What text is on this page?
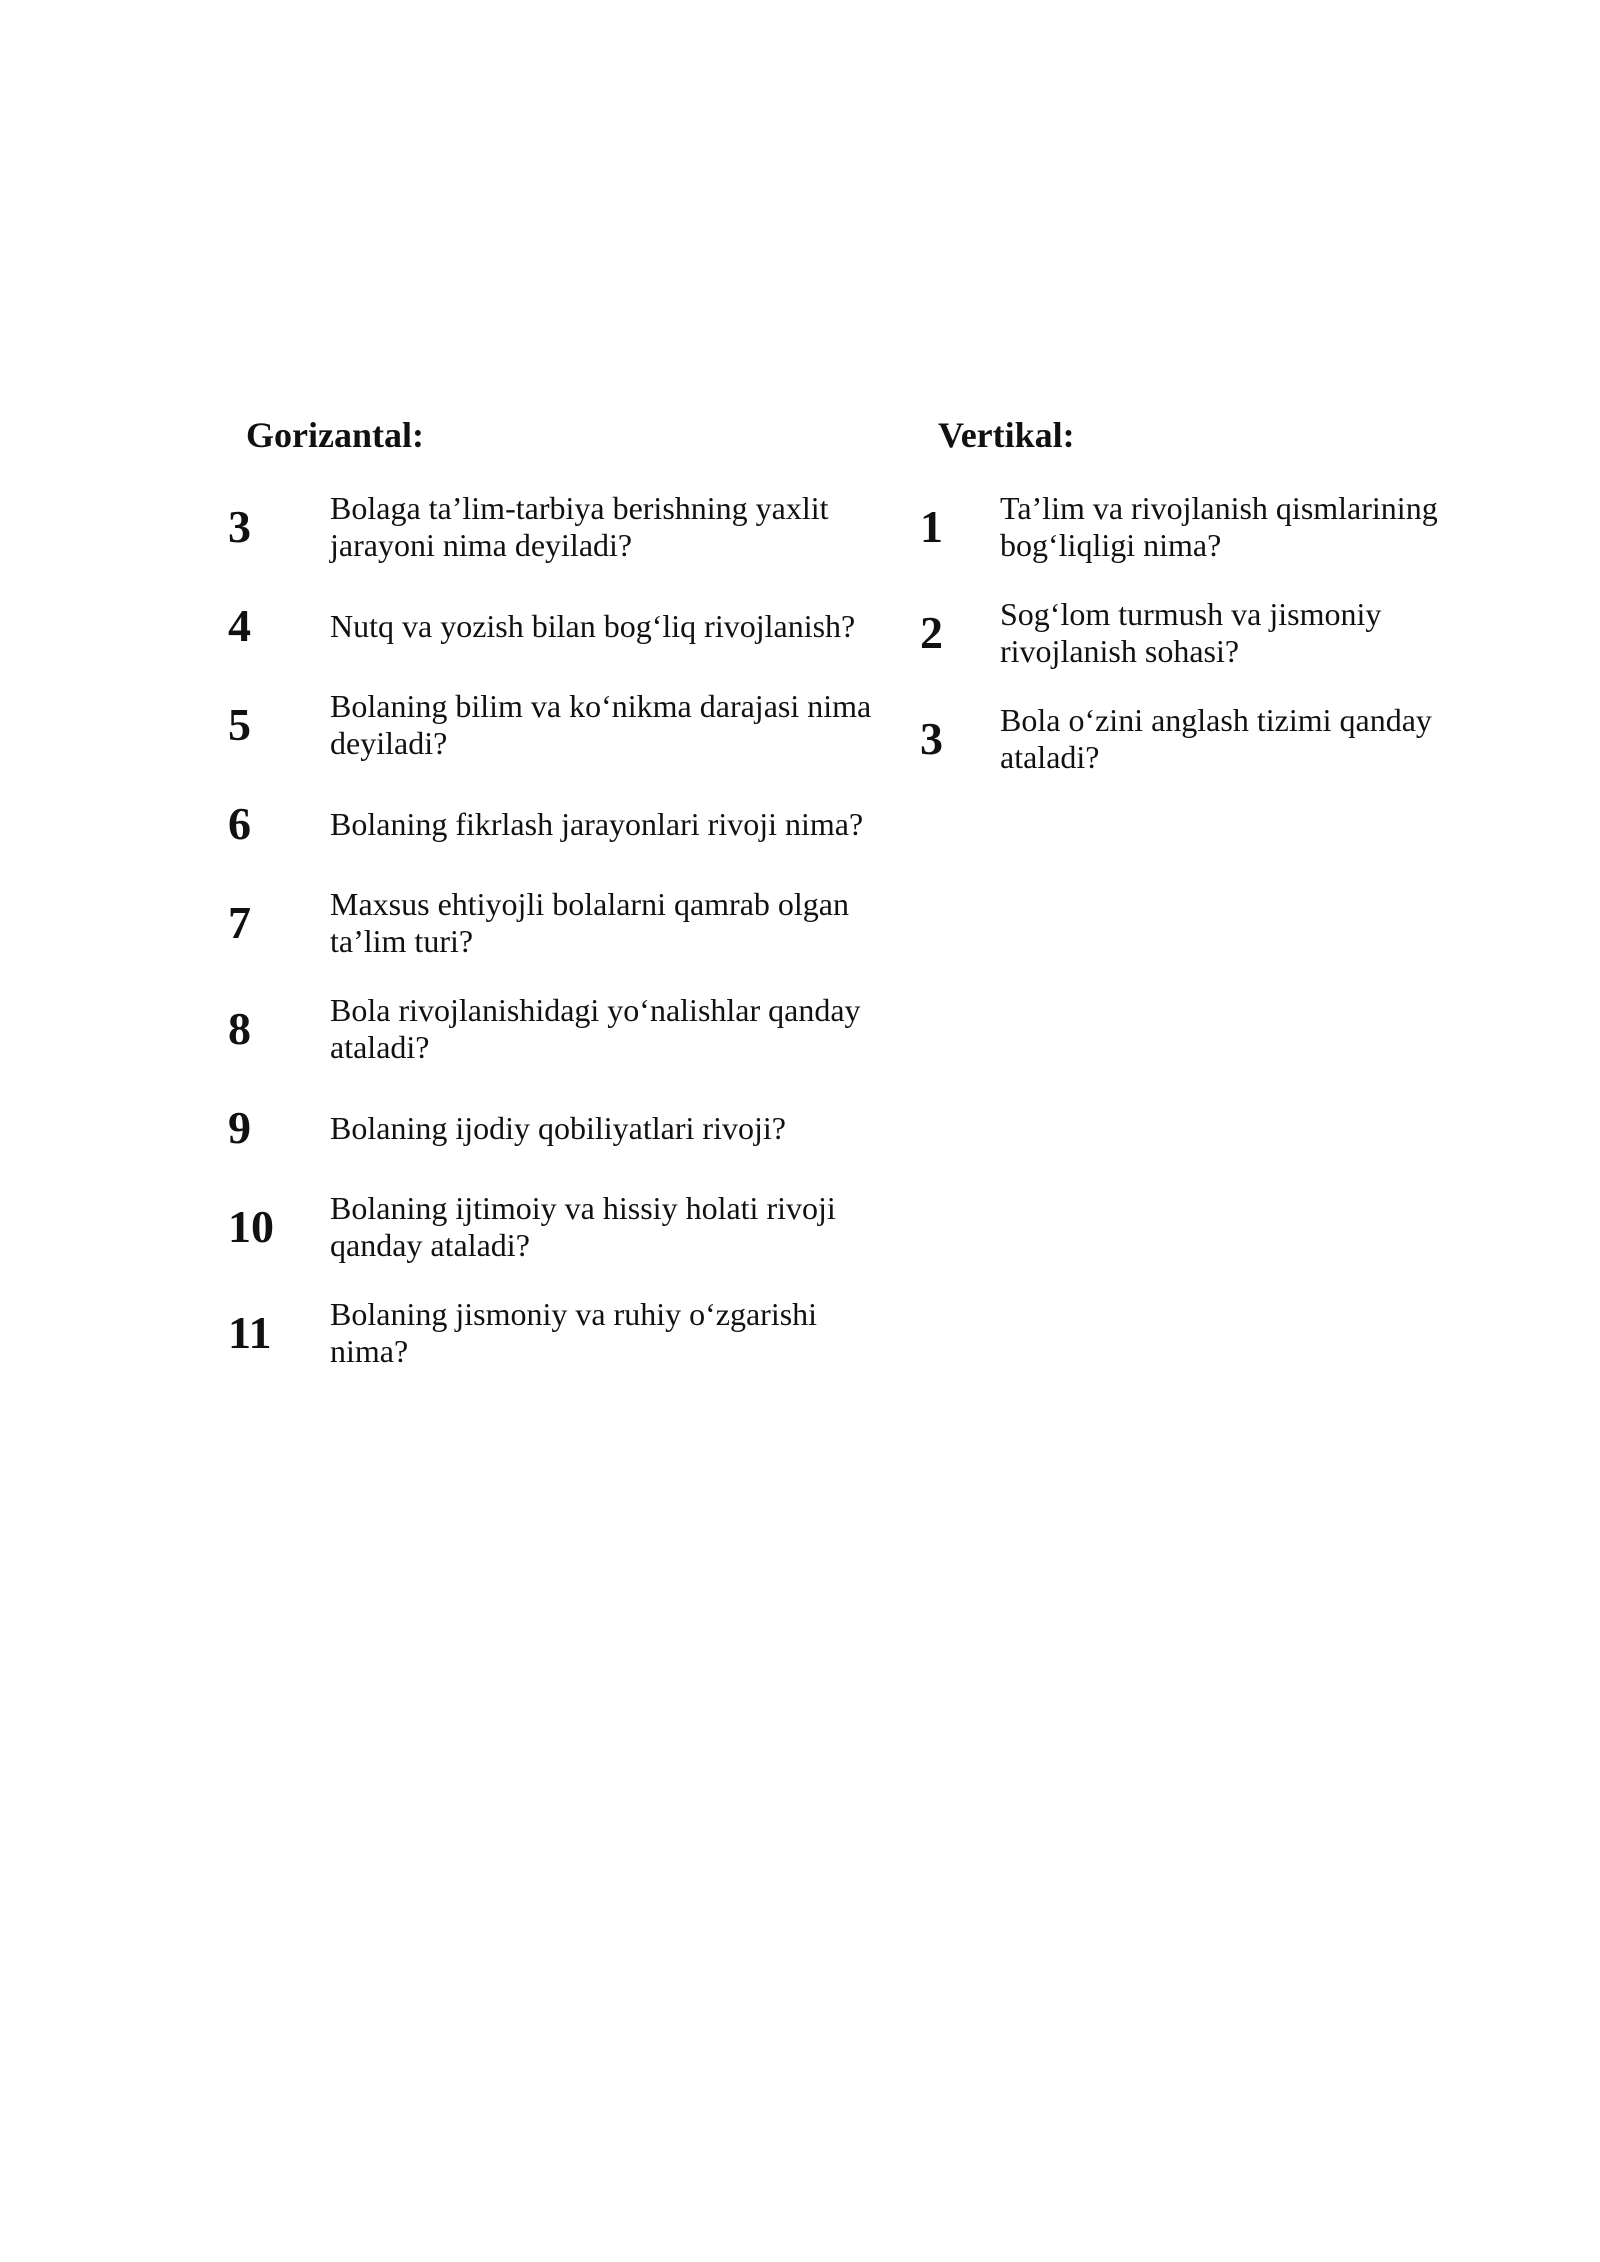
Gorizantal:
3	Bolaga ta’lim-tarbiya berishning yaxlit jarayoni nima deyiladi?
4	Nutq va yozish bilan bog‘liq rivojlanish?
5	Bolaning bilim va ko‘nikma darajasi nima deyiladi?
6	Bolaning fikrlash jarayonlari rivoji nima?
7	Maxsus ehtiyojli bolalarni qamrab olgan ta’lim turi?
8	Bola rivojlanishidagi yo‘nalishlar qanday ataladi?
9	Bolaning ijodiy qobiliyatlari rivoji?
10	Bolaning ijtimoiy va hissiy holati rivoji qanday ataladi?
11	Bolaning jismoniy va ruhiy o‘zgarishi nima?
Vertikal:
1	Ta’lim va rivojlanish qismlarining bog‘liqligi nima?
2	Sog‘lom turmush va jismoniy rivojlanish sohasi?
3	Bola o‘zini anglash tizimi qanday ataladi?
